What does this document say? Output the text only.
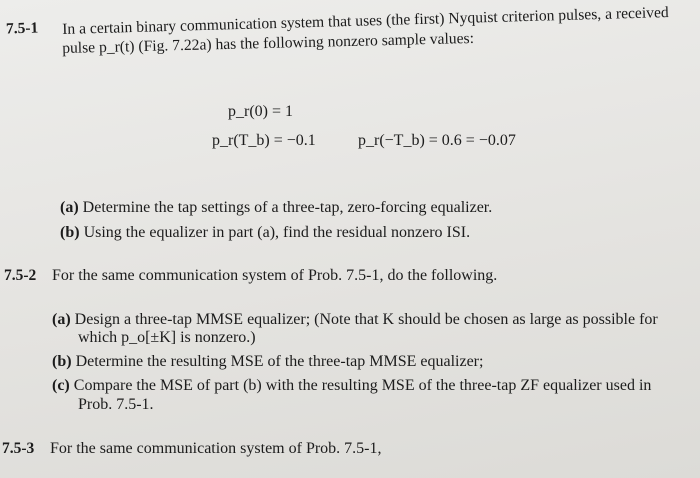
7.5-1 In a certain binary communication system that uses (the first) Nyquist criterion pulses, a received
pulse p_r(t) (Fig. 7.22a) has the following nonzero sample values:
p_r(0) = 1
p_r(T_b) = −0.1	p_r(−T_b) = 0.6 = −0.07
(a) Determine the tap settings of a three-tap, zero-forcing equalizer.
(b) Using the equalizer in part (a), find the residual nonzero ISI.
7.5-2 For the same communication system of Prob. 7.5-1, do the following.
(a) Design a three-tap MMSE equalizer; (Note that K should be chosen as large as possible for
which p_o[±K] is nonzero.)
(b) Determine the resulting MSE of the three-tap MMSE equalizer;
(c) Compare the MSE of part (b) with the resulting MSE of the three-tap ZF equalizer used in
Prob. 7.5-1.
7.5-3 For the same communication system of Prob. 7.5-1,
